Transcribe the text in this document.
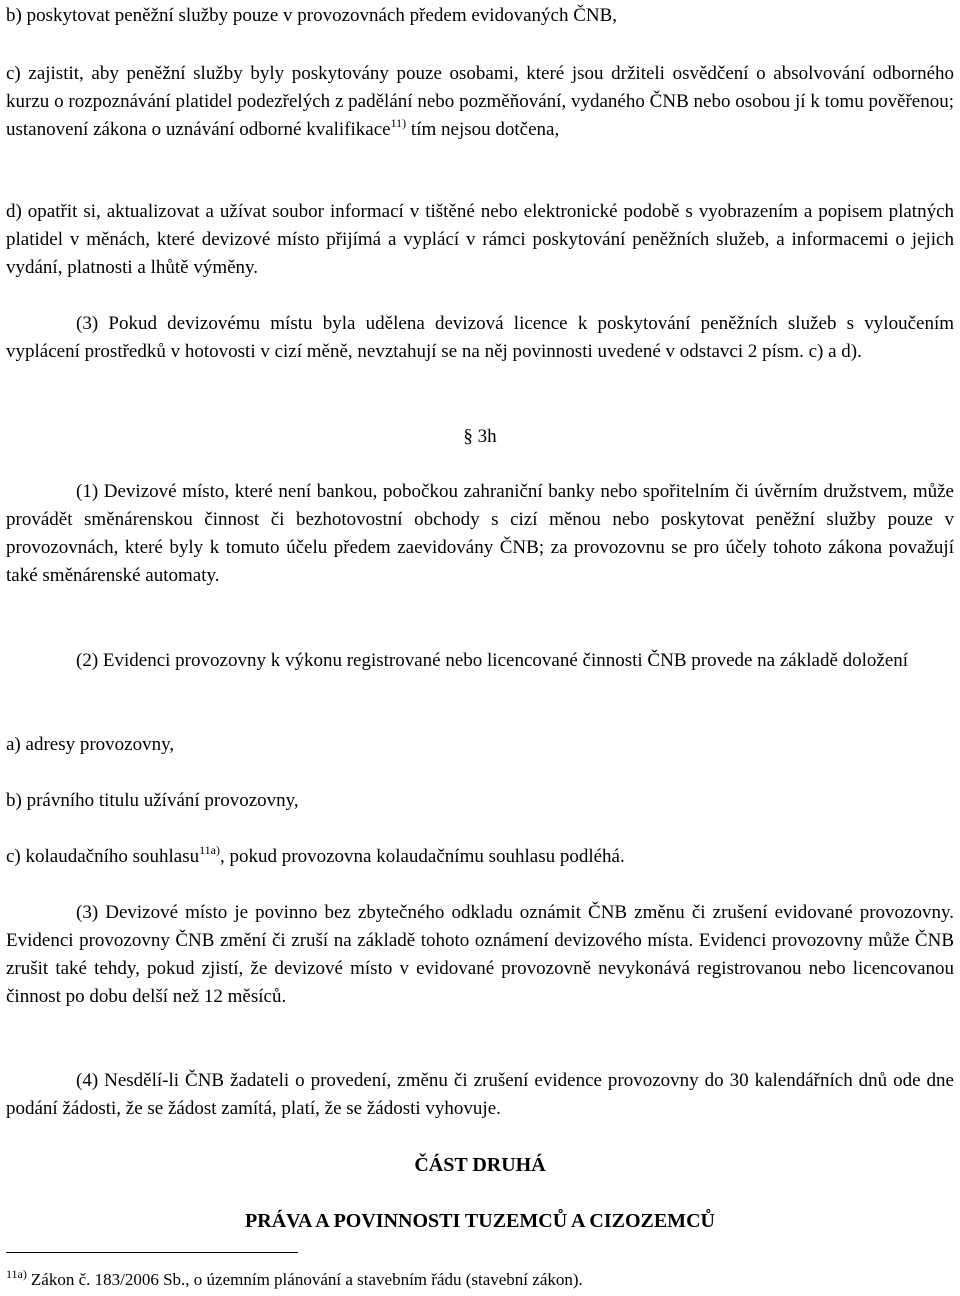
b) poskytovat peněžní služby pouze v provozovnách předem evidovaných ČNB,

c) zajistit, aby peněžní služby byly poskytovány pouze osobami, které jsou držiteli osvědčení o absolvování odborného kurzu o rozpoznávání platidel podezřelých z padělání nebo pozměňování, vydaného ČNB nebo osobou jí k tomu pověřenou; ustanovení zákona o uznávání odborné kvalifikace$^{11)}$ tím nejsou dotčena,

d) opatřit si, aktualizovat a užívat soubor informací v tištěné nebo elektronické podobě s vyobrazením a popisem platných platidel v měnách, které devizové místo přijímá a vyplácí v rámci poskytování peněžních služeb, a informacemi o jejich vydání, platnosti a lhůtě výměny.

(3) Pokud devizovému místu byla udělena devizová licence k poskytování peněžních služeb s vyloučením vyplácení prostředků v hotovosti v cizí měně, nevztahují se na něj povinnosti uvedené v odstavci 2 písm. c) a d).

§ 3h

(1) Devizové místo, které není bankou, pobočkou zahraniční banky nebo spořitelním či úvěrním družstvem, může provádět směnárenskou činnost či bezhotovostní obchody s cizí měnou nebo poskytovat peněžní služby pouze v provozovnách, které byly k tomuto účelu předem zaevidovány ČNB; za provozovnu se pro účely tohoto zákona považují také směnárenské automaty.

(2) Evidenci provozovny k výkonu registrované nebo licencované činnosti ČNB provede na základě doložení

a) adresy provozovny,

b) právního titulu užívání provozovny,

c) kolaudačního souhlasu$^{11a)}$, pokud provozovna kolaudačnímu souhlasu podléhá.

(3) Devizové místo je povinno bez zbytečného odkladu oznámit ČNB změnu či zrušení evidované provozovny. Evidenci provozovny ČNB změní či zruší na základě tohoto oznámení devizového místa. Evidenci provozovny může ČNB zrušit také tehdy, pokud zjistí, že devizové místo v evidované provozovně nevykonává registrovanou nebo licencovanou činnost po dobu delší než 12 měsíců.

(4) Nesdělí-li ČNB žadateli o provedení, změnu či zrušení evidence provozovny do 30 kalendářních dnů ode dne podání žádosti, že se žádost zamítá, platí, že se žádosti vyhovuje.

ČÁST DRUHÁ

PRÁVA A POVINNOSTI TUZEMCŮ A CIZOZEMCŮ

$^{11a)}$ Zákon č. 183/2006 Sb., o územním plánování a stavebním řádu (stavební zákon).
